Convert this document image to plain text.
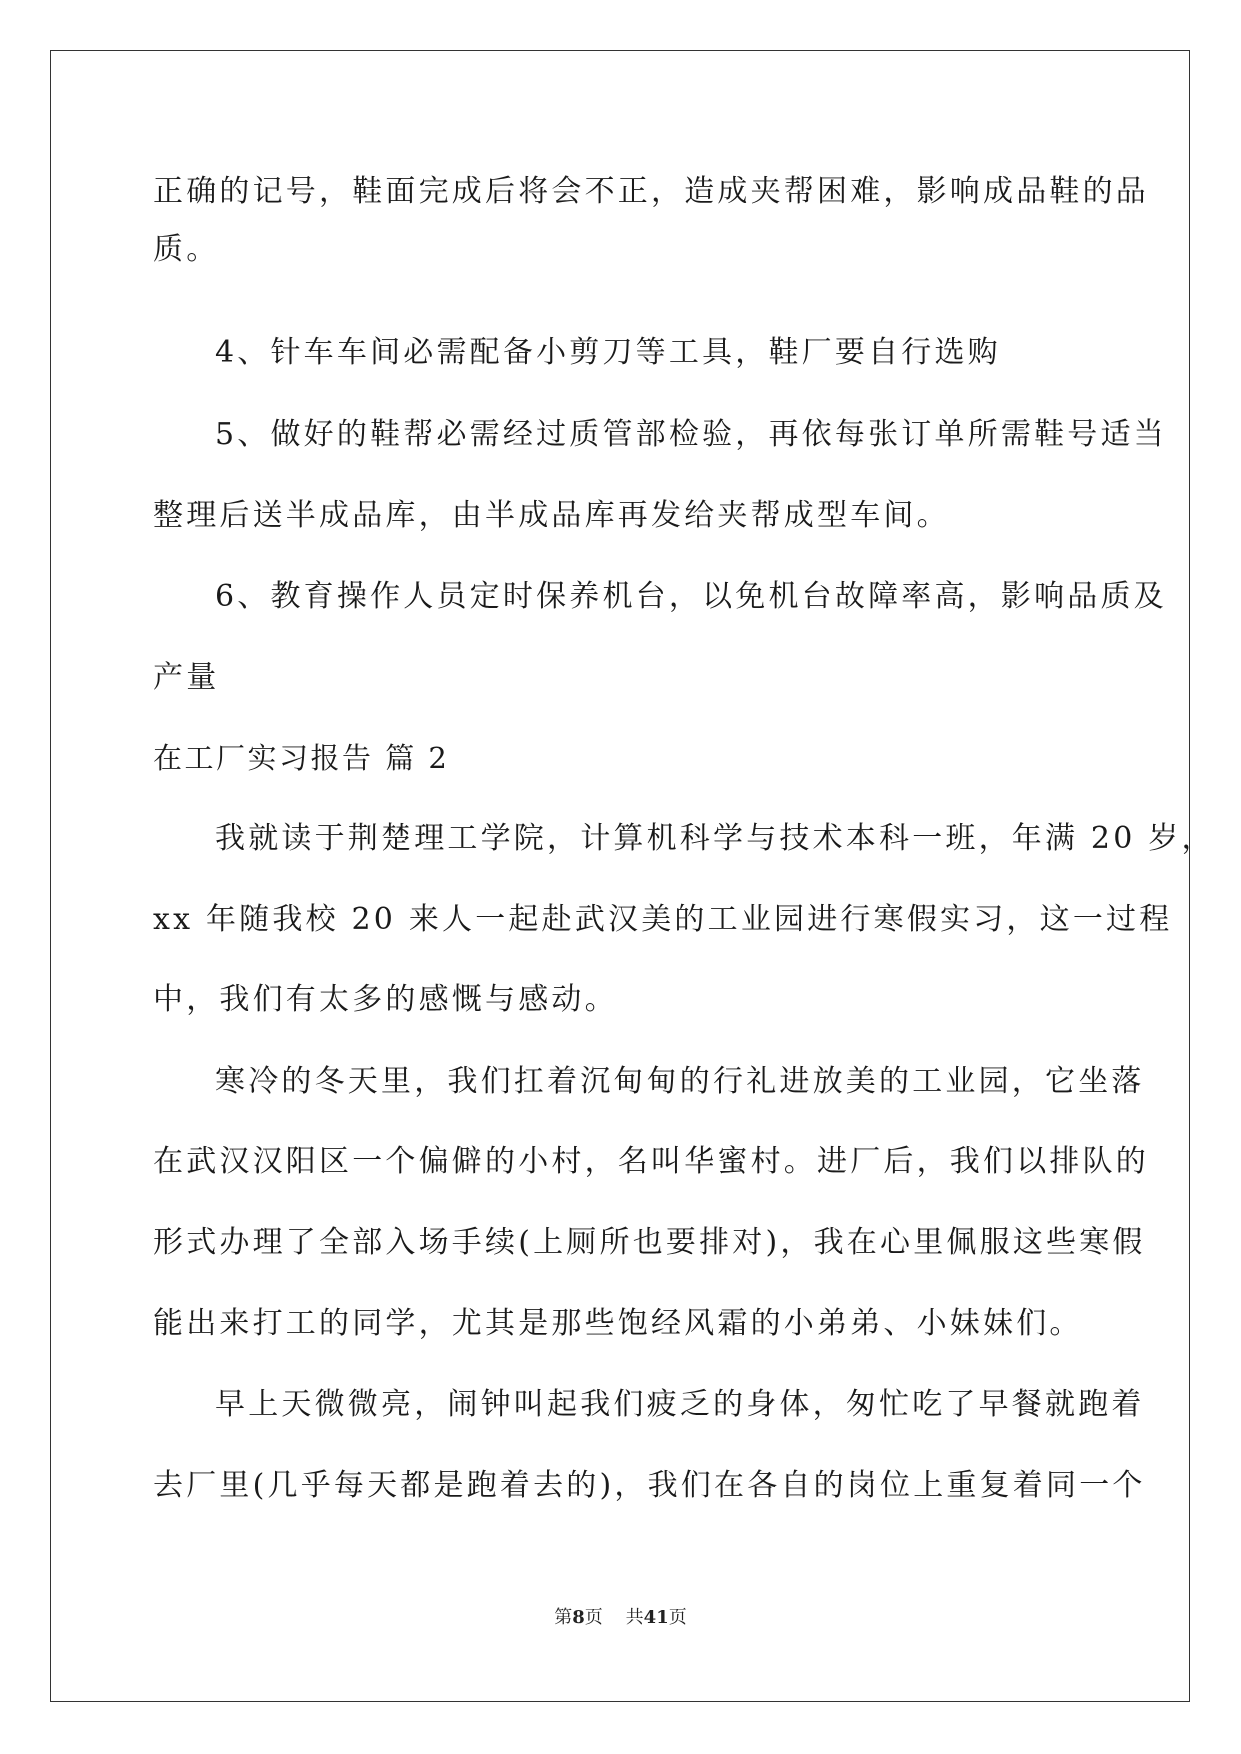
正确的记号，鞋面完成后将会不正，造成夹帮困难，影响成品鞋的品
质。
4、针车车间必需配备小剪刀等工具，鞋厂要自行选购
5、做好的鞋帮必需经过质管部检验，再依每张订单所需鞋号适当
整理后送半成品库，由半成品库再发给夹帮成型车间。
6、教育操作人员定时保养机台，以免机台故障率高，影响品质及
产量
在工厂实习报告 篇 2
我就读于荆楚理工学院，计算机科学与技术本科一班，年满 20 岁，
xx 年随我校 20 来人一起赴武汉美的工业园进行寒假实习，这一过程
中，我们有太多的感慨与感动。
寒冷的冬天里，我们扛着沉甸甸的行礼进放美的工业园，它坐落
在武汉汉阳区一个偏僻的小村，名叫华蜜村。进厂后，我们以排队的
形式办理了全部入场手续(上厕所也要排对)，我在心里佩服这些寒假
能出来打工的同学，尤其是那些饱经风霜的小弟弟、小妹妹们。
早上天微微亮，闹钟叫起我们疲乏的身体，匆忙吃了早餐就跑着
去厂里(几乎每天都是跑着去的)，我们在各自的岗位上重复着同一个
第8页 共41页
